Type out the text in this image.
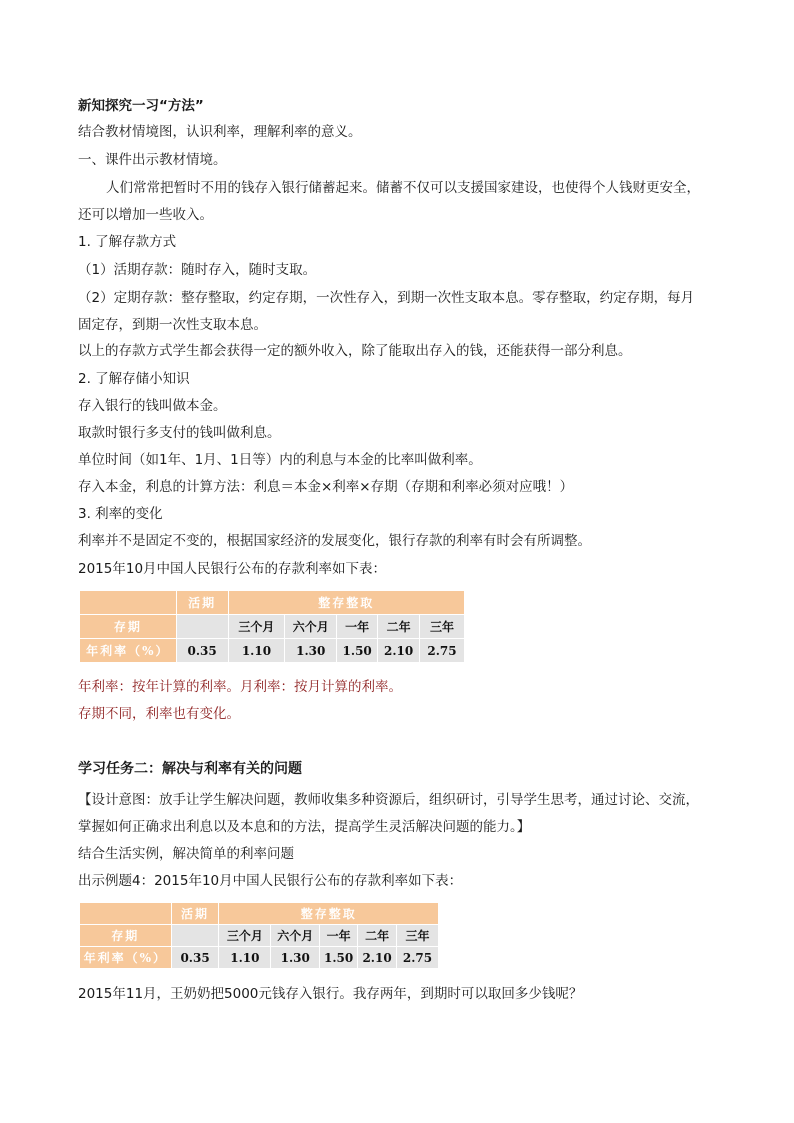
新知探究一习“方法”
结合教材情境图，认识利率，理解利率的意义。
一、课件出示教材情境。
人们常常把暂时不用的钱存入银行储蓄起来。储蓄不仅可以支援国家建设，也使得个人钱财更安全，
还可以增加一些收入。
1. 了解存款方式
（1）活期存款：随时存入，随时支取。
（2）定期存款：整存整取，约定存期，一次性存入，到期一次性支取本息。零存整取，约定存期，每月
固定存，到期一次性支取本息。
以上的存款方式学生都会获得一定的额外收入，除了能取出存入的钱，还能获得一部分利息。
2. 了解存储小知识
存入银行的钱叫做本金。
取款时银行多支付的钱叫做利息。
单位时间（如1年、1月、1日等）内的利息与本金的比率叫做利率。
存入本金，利息的计算方法：利息＝本金×利率×存期（存期和利率必须对应哦！）
3. 利率的变化
利率并不是固定不变的，根据国家经济的发展变化，银行存款的利率有时会有所调整。
2015年10月中国人民银行公布的存款利率如下表：
	活期	整存整取				
存期		三个月	六个月	一年	二年	三年
年利率（%）	0.35	1.10	1.30	1.50	2.10	2.75
年利率：按年计算的利率。月利率：按月计算的利率。
存期不同，利率也有变化。
学习任务二：解决与利率有关的问题
【设计意图：放手让学生解决问题，教师收集多种资源后，组织研讨，引导学生思考，通过讨论、交流，
掌握如何正确求出利息以及本息和的方法，提高学生灵活解决问题的能力。】
结合生活实例，解决简单的利率问题
出示例题4：2015年10月中国人民银行公布的存款利率如下表：
	活期	整存整取				
存期		三个月	六个月	一年	二年	三年
年利率（%）	0.35	1.10	1.30	1.50	2.10	2.75
2015年11月，王奶奶把5000元钱存入银行。我存两年，到期时可以取回多少钱呢？
